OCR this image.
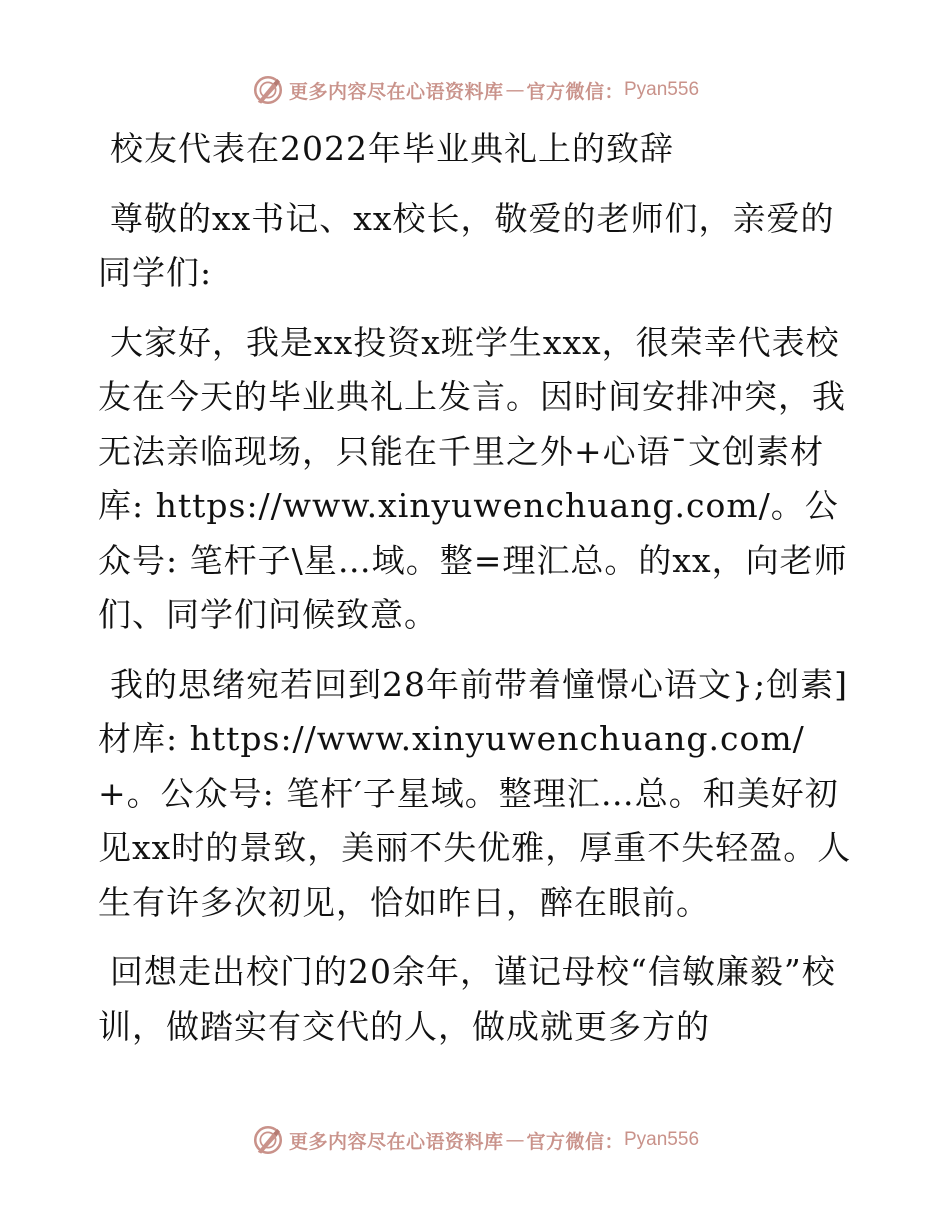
更多内容尽在心语资料库 — 官方微信： Pyan556

校友代表在2022年毕业典礼上的致辞

尊敬的xx书记、xx校长，敬爱的老师们，亲爱的同学们:

大家好，我是xx投资x班学生xxx，很荣幸代表校友在今天的毕业典礼上发言。因时间安排冲突，我无法亲临现场，只能在千里之外+心语¯文创素材库: https://www.xinyuwenchuang.com/。公众号: 笔杆子\星…域。整=理汇总。的xx，向老师们、同学们问候致意。

我的思绪宛若回到28年前带着憧憬心语文};创素]材库: https://www.xinyuwenchuang.com/+。公众号: 笔杆′子星域。整理汇…总。和美好初见xx时的景致，美丽不失优雅，厚重不失轻盈。人生有许多次初见，恰如昨日，醉在眼前。

回想走出校门的20余年，谨记母校“信敏廉毅”校训，做踏实有交代的人，做成就更多方的

更多内容尽在心语资料库 — 官方微信： Pyan556
